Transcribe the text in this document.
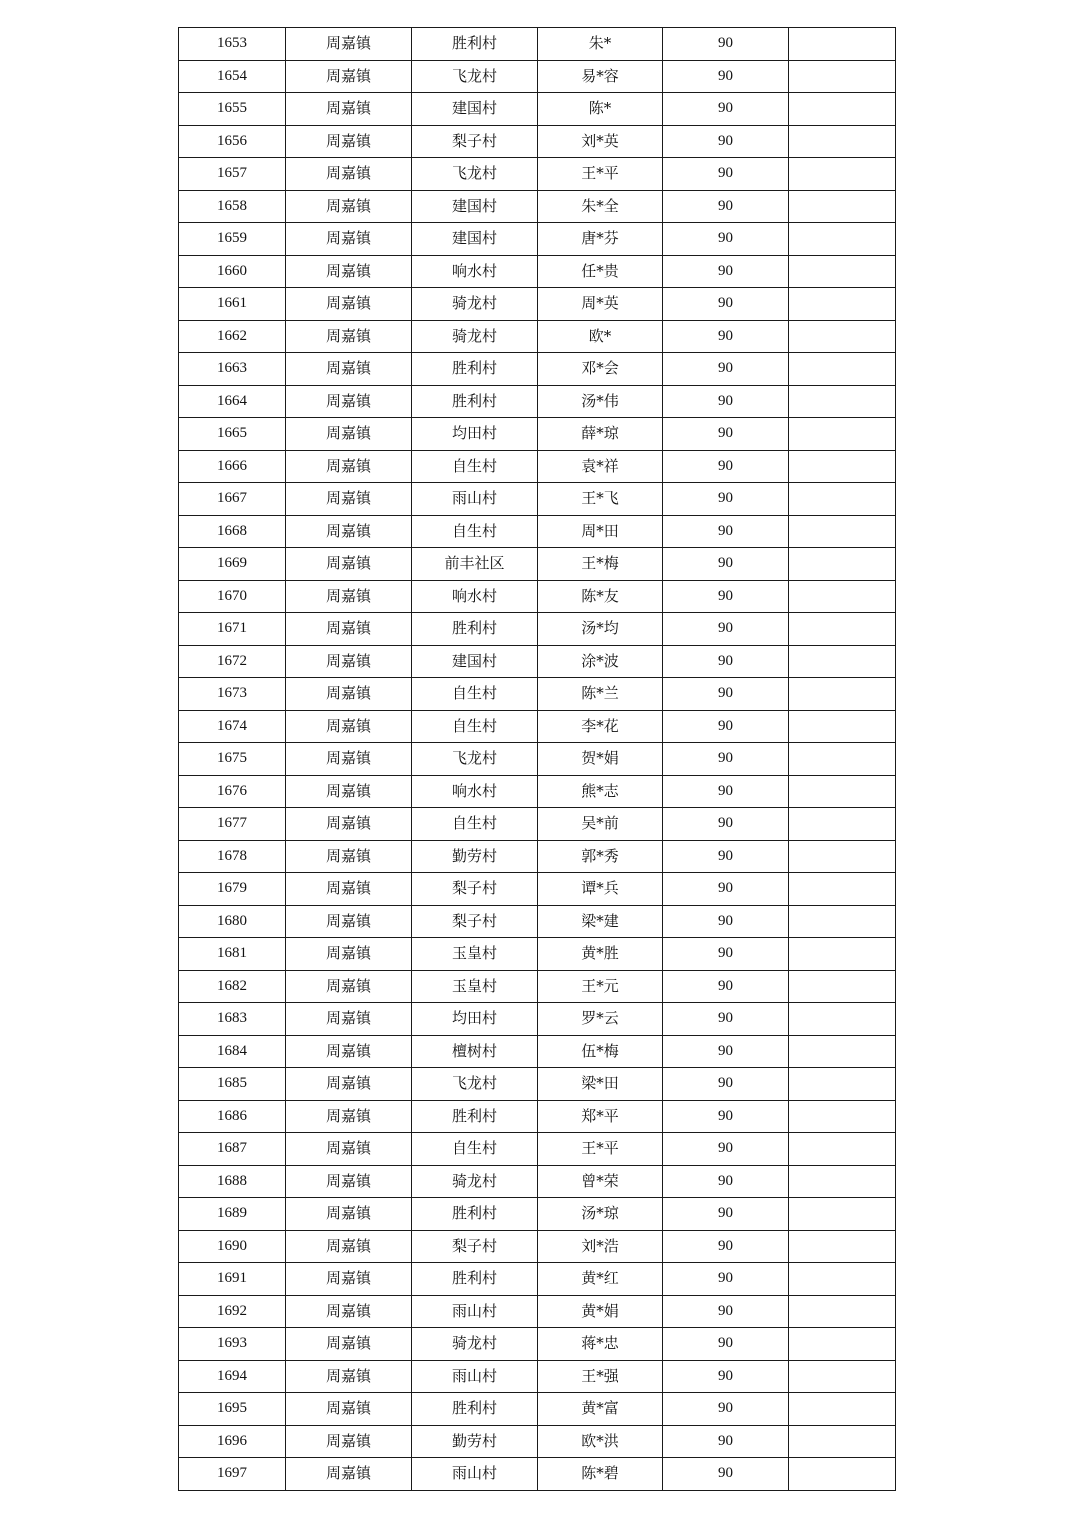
1653	周嘉镇	胜利村	朱*	90	
1654	周嘉镇	飞龙村	易*容	90	
1655	周嘉镇	建国村	陈*	90	
1656	周嘉镇	梨子村	刘*英	90	
1657	周嘉镇	飞龙村	王*平	90	
1658	周嘉镇	建国村	朱*全	90	
1659	周嘉镇	建国村	唐*芬	90	
1660	周嘉镇	响水村	任*贵	90	
1661	周嘉镇	骑龙村	周*英	90	
1662	周嘉镇	骑龙村	欧*	90	
1663	周嘉镇	胜利村	邓*会	90	
1664	周嘉镇	胜利村	汤*伟	90	
1665	周嘉镇	均田村	薛*琼	90	
1666	周嘉镇	自生村	袁*祥	90	
1667	周嘉镇	雨山村	王*飞	90	
1668	周嘉镇	自生村	周*田	90	
1669	周嘉镇	前丰社区	王*梅	90	
1670	周嘉镇	响水村	陈*友	90	
1671	周嘉镇	胜利村	汤*均	90	
1672	周嘉镇	建国村	涂*波	90	
1673	周嘉镇	自生村	陈*兰	90	
1674	周嘉镇	自生村	李*花	90	
1675	周嘉镇	飞龙村	贺*娟	90	
1676	周嘉镇	响水村	熊*志	90	
1677	周嘉镇	自生村	吴*前	90	
1678	周嘉镇	勤劳村	郭*秀	90	
1679	周嘉镇	梨子村	谭*兵	90	
1680	周嘉镇	梨子村	梁*建	90	
1681	周嘉镇	玉皇村	黄*胜	90	
1682	周嘉镇	玉皇村	王*元	90	
1683	周嘉镇	均田村	罗*云	90	
1684	周嘉镇	檀树村	伍*梅	90	
1685	周嘉镇	飞龙村	梁*田	90	
1686	周嘉镇	胜利村	郑*平	90	
1687	周嘉镇	自生村	王*平	90	
1688	周嘉镇	骑龙村	曾*荣	90	
1689	周嘉镇	胜利村	汤*琼	90	
1690	周嘉镇	梨子村	刘*浩	90	
1691	周嘉镇	胜利村	黄*红	90	
1692	周嘉镇	雨山村	黄*娟	90	
1693	周嘉镇	骑龙村	蒋*忠	90	
1694	周嘉镇	雨山村	王*强	90	
1695	周嘉镇	胜利村	黄*富	90	
1696	周嘉镇	勤劳村	欧*洪	90	
1697	周嘉镇	雨山村	陈*碧	90	
